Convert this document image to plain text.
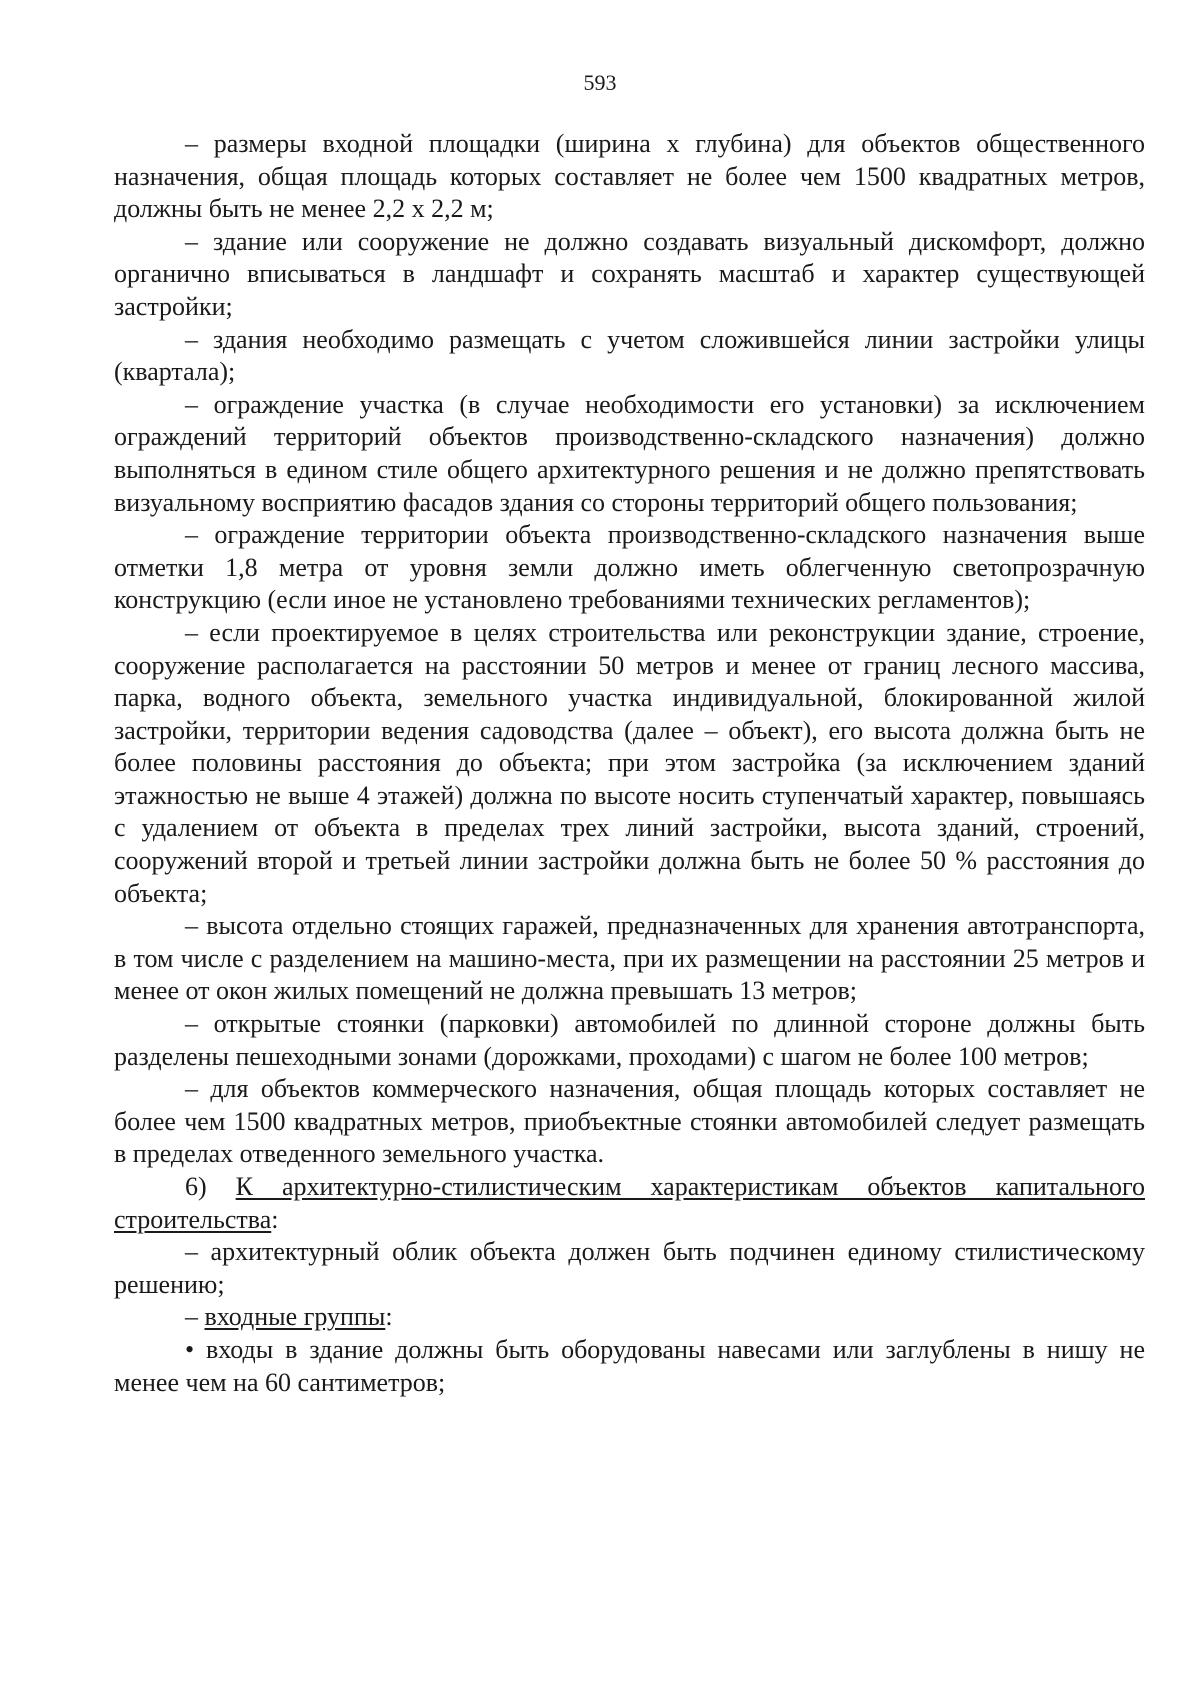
593

– размеры входной площадки (ширина х глубина) для объектов общественного назначения, общая площадь которых составляет не более чем 1500 квадратных метров, должны быть не менее 2,2 х 2,2 м;

– здание или сооружение не должно создавать визуальный дискомфорт, должно органично вписываться в ландшафт и сохранять масштаб и характер существующей застройки;

– здания необходимо размещать с учетом сложившейся линии застройки улицы (квартала);

– ограждение участка (в случае необходимости его установки) за исключением ограждений территорий объектов производственно-складского назначения) должно выполняться в едином стиле общего архитектурного решения и не должно препятствовать визуальному восприятию фасадов здания со стороны территорий общего пользования;

– ограждение территории объекта производственно-складского назначения выше отметки 1,8 метра от уровня земли должно иметь облегченную светопрозрачную конструкцию (если иное не установлено требованиями технических регламентов);

– если проектируемое в целях строительства или реконструкции здание, строение, сооружение располагается на расстоянии 50 метров и менее от границ лесного массива, парка, водного объекта, земельного участка индивидуальной, блокированной жилой застройки, территории ведения садоводства (далее – объект), его высота должна быть не более половины расстояния до объекта; при этом застройка (за исключением зданий этажностью не выше 4 этажей) должна по высоте носить ступенчатый характер, повышаясь с удалением от объекта в пределах трех линий застройки, высота зданий, строений, сооружений второй и третьей линии застройки должна быть не более 50 % расстояния до объекта;

– высота отдельно стоящих гаражей, предназначенных для хранения автотранспорта, в том числе с разделением на машино-места, при их размещении на расстоянии 25 метров и менее от окон жилых помещений не должна превышать 13 метров;

– открытые стоянки (парковки) автомобилей по длинной стороне должны быть разделены пешеходными зонами (дорожками, проходами) с шагом не более 100 метров;

– для объектов коммерческого назначения, общая площадь которых составляет не более чем 1500 квадратных метров, приобъектные стоянки автомобилей следует размещать в пределах отведенного земельного участка.

6) К архитектурно-стилистическим характеристикам объектов капитального строительства:

– архитектурный облик объекта должен быть подчинен единому стилистическому решению;

– входные группы:

• входы в здание должны быть оборудованы навесами или заглублены в нишу не менее чем на 60 сантиметров;
